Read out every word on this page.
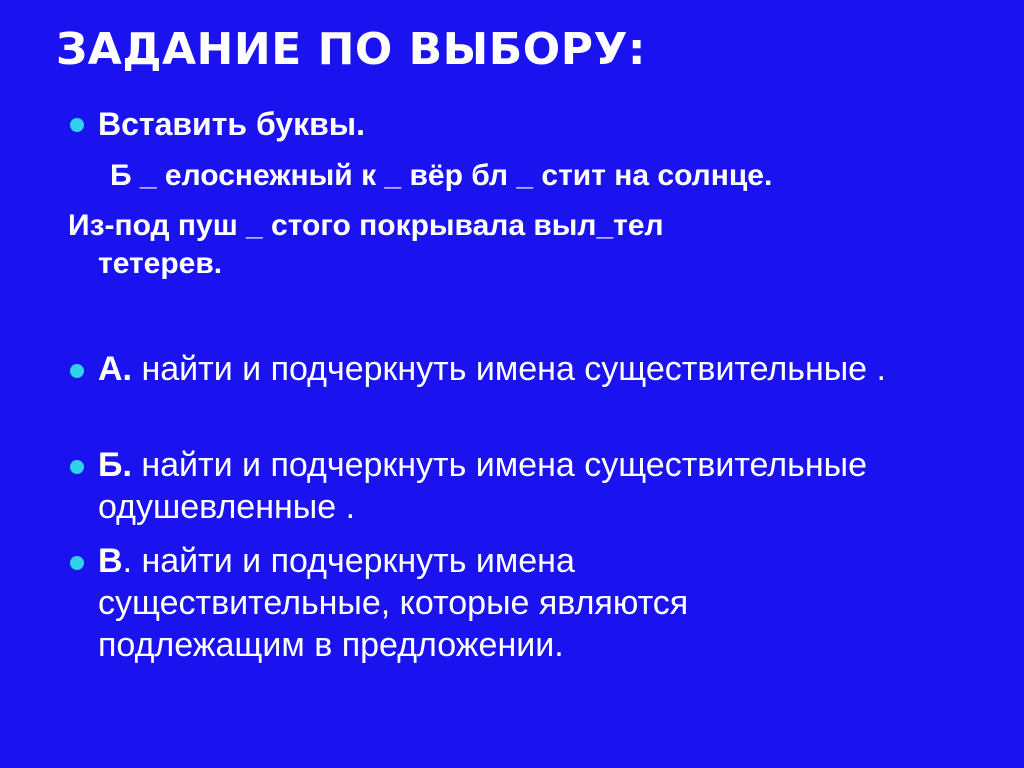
ЗАДАНИЕ ПО ВЫБОРУ:
Вставить буквы.
Б _ елоснежный к _ вёр бл _ стит на солнце.
Из-под пуш _ стого покрывала выл_тел
тетерев.
А. найти и подчеркнуть имена существительные .
Б. найти и подчеркнуть имена существительные одушевленные .
В. найти и подчеркнуть имена существительные, которые являются подлежащим в предложении.
